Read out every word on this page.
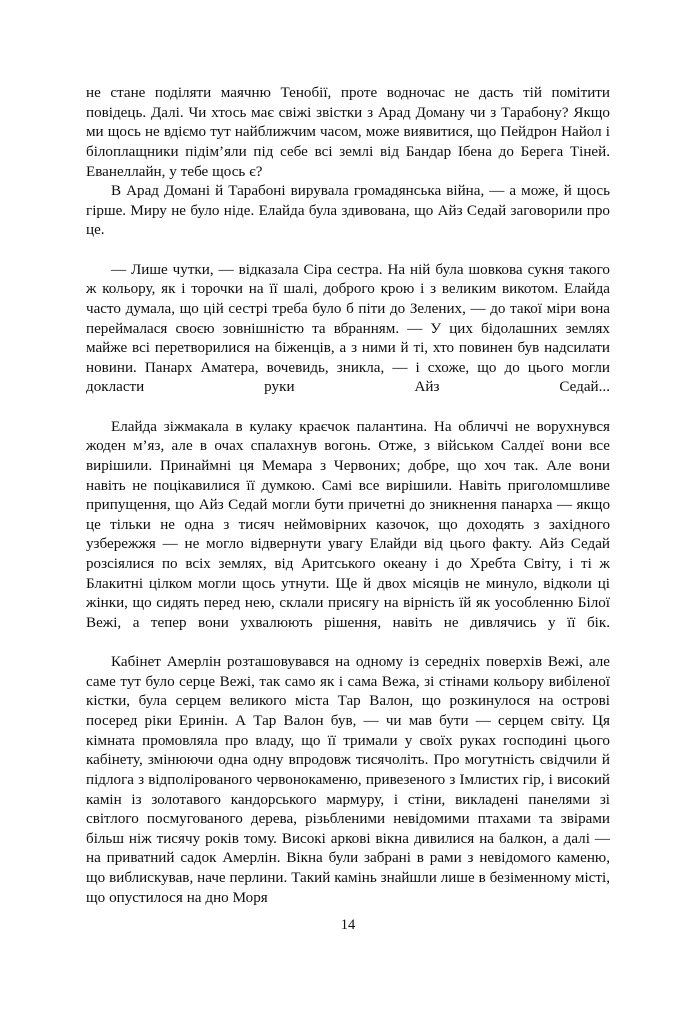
не стане поділяти маячню Тенобії, проте водночас не дасть тій помітити повідець. Далі. Чи хтось має свіжі звістки з Арад Доману чи з Тарабону? Якщо ми щось не вдіємо тут найближчим часом, може виявитися, що Пейдрон Найол і білоплащники підім’яли під себе всі землі від Бандар Ібена до Берега Тіней. Еванеллайн, у тебе щось є?

В Арад Домані й Тарабоні вирувала громадянська війна, — а може, й щось гірше. Миру не було ніде. Елайда була здивована, що Айз Седай заговорили про це.

— Лише чутки, — відказала Сіра сестра. На ній була шовкова сукня такого ж кольору, як і торочки на її шалі, доброго крою і з великим викотом. Елайда часто думала, що цій сестрі треба було б піти до Зелених, — до такої міри вона переймалася своєю зовнішністю та вбранням. — У цих бідолашних землях майже всі перетворилися на біженців, а з ними й ті, хто повинен був надсилати новини. Панарх Аматера, вочевидь, зникла, — і схоже, що до цього могли докласти руки Айз Седай...

Елайда зіжмакала в кулаку краєчок палантина. На обличчі не ворухнувся жоден м’яз, але в очах спалахнув вогонь. Отже, з військом Салдеї вони все вирішили. Принаймні ця Мемара з Червоних; добре, що хоч так. Але вони навіть не поцікавилися її думкою. Самі все вирішили. Навіть приголомшливе припущення, що Айз Седай могли бути причетні до зникнення панарха — якщо це тільки не одна з тисяч неймовірних казочок, що доходять з західного узбережжя — не могло відвернути увагу Елайди від цього факту. Айз Седай розсіялися по всіх землях, від Аритського океану і до Хребта Світу, і ті ж Блакитні цілком могли щось утнути. Ще й двох місяців не минуло, відколи ці жінки, що сидять перед нею, склали присягу на вірність їй як уособленню Білої Вежі, а тепер вони ухвалюють рішення, навіть не дивлячись у її бік.

Кабінет Амерлін розташовувався на одному із середніх поверхів Вежі, але саме тут було серце Вежі, так само як і сама Вежа, зі стінами кольору вибіленої кістки, була серцем великого міста Тар Валон, що розкинулося на острові посеред ріки Еринін. А Тар Валон був, — чи мав бути — серцем світу. Ця кімната промовляла про владу, що її тримали у своїх руках господині цього кабінету, змінюючи одна одну впродовж тисячоліть. Про могутність свідчили й підлога з відполірованого червонокаменю, привезеного з Імлистих гір, і високий камін із золотавого кандорського мармуру, і стіни, викладені панелями зі світлого посмугованого дерева, різьбленими невідомими птахами та звірами більш ніж тисячу років тому. Високі аркові вікна дивилися на балкон, а далі — на приватний садок Амерлін. Вікна були забрані в рами з невідомого каменю, що виблискував, наче перлини. Такий камінь знайшли лише в безіменному місті, що опустилося на дно Моря

14
